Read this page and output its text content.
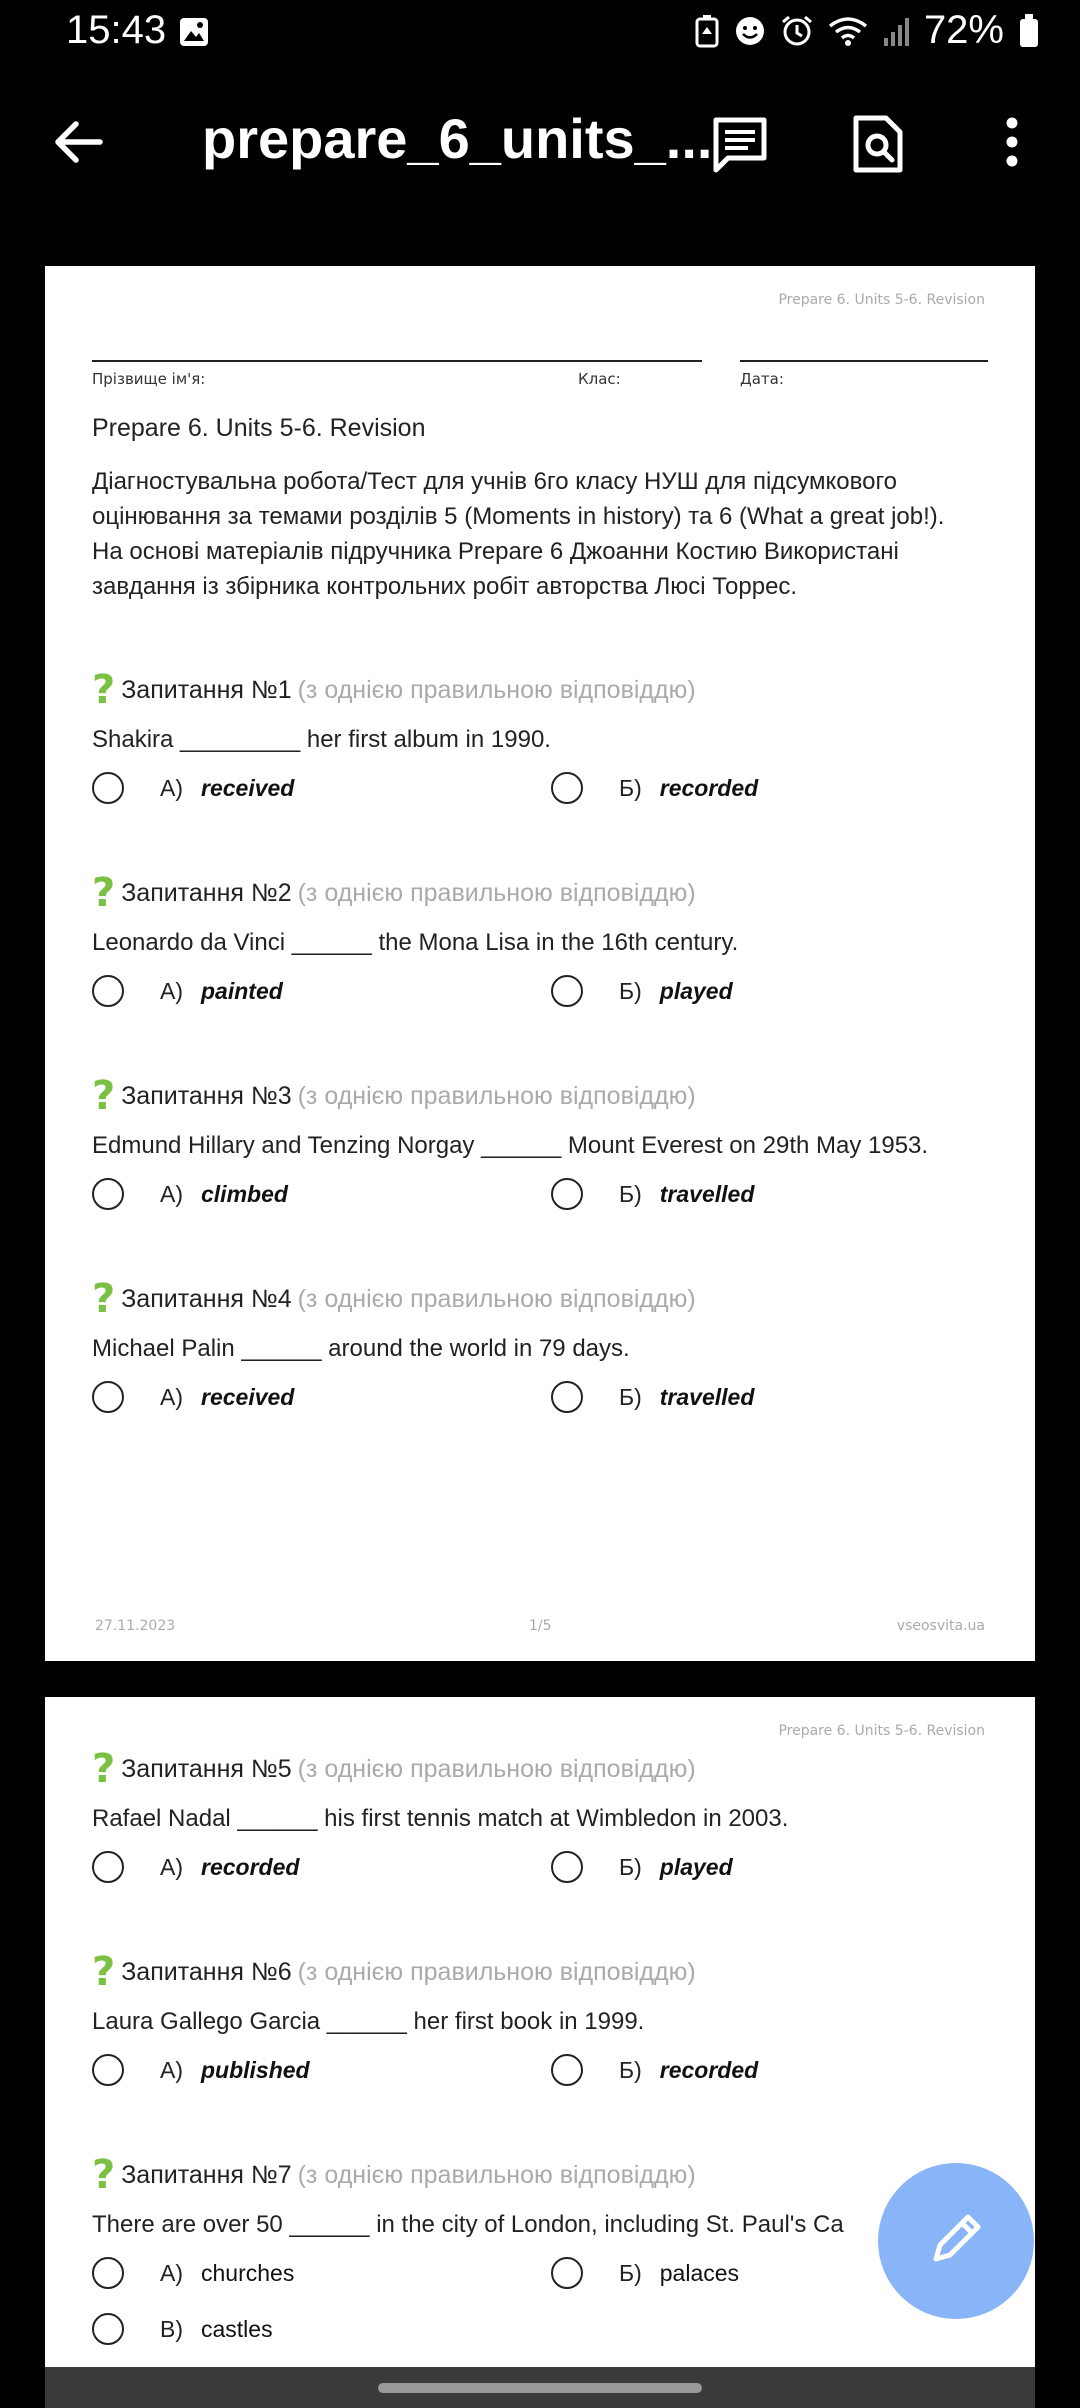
15:43	72%
prepare_6_units_...
Prepare 6. Units 5-6. Revision
Прізвище ім'я:	Клас:	Дата:
Prepare 6. Units 5-6. Revision
Діагностувальна робота/Тест для учнів 6го класу НУШ для підсумкового оцінювання за темами розділів 5 (Moments in history) та 6 (What a great job!). На основі матеріалів підручника Prepare 6 Джоанни Костию Використані завдання із збірника контрольних робіт авторства Люсі Торрес.
? Запитання №1 (з однією правильною відповіддю)
Shakira _________ her first album in 1990.
А) received	Б) recorded
? Запитання №2 (з однією правильною відповіддю)
Leonardo da Vinci ______ the Mona Lisa in the 16th century.
А) painted	Б) played
? Запитання №3 (з однією правильною відповіддю)
Edmund Hillary and Tenzing Norgay ______ Mount Everest on 29th May 1953.
А) climbed	Б) travelled
? Запитання №4 (з однією правильною відповіддю)
Michael Palin ______ around the world in 79 days.
А) received	Б) travelled
27.11.2023	1/5	vseosvita.ua
Prepare 6. Units 5-6. Revision
? Запитання №5 (з однією правильною відповіддю)
Rafael Nadal ______ his first tennis match at Wimbledon in 2003.
А) recorded	Б) played
? Запитання №6 (з однією правильною відповіддю)
Laura Gallego Garcia ______ her first book in 1999.
А) published	Б) recorded
? Запитання №7 (з однією правильною відповіддю)
There are over 50 ______ in the city of London, including St. Paul's Ca
А) churches	Б) palaces
В) castles
